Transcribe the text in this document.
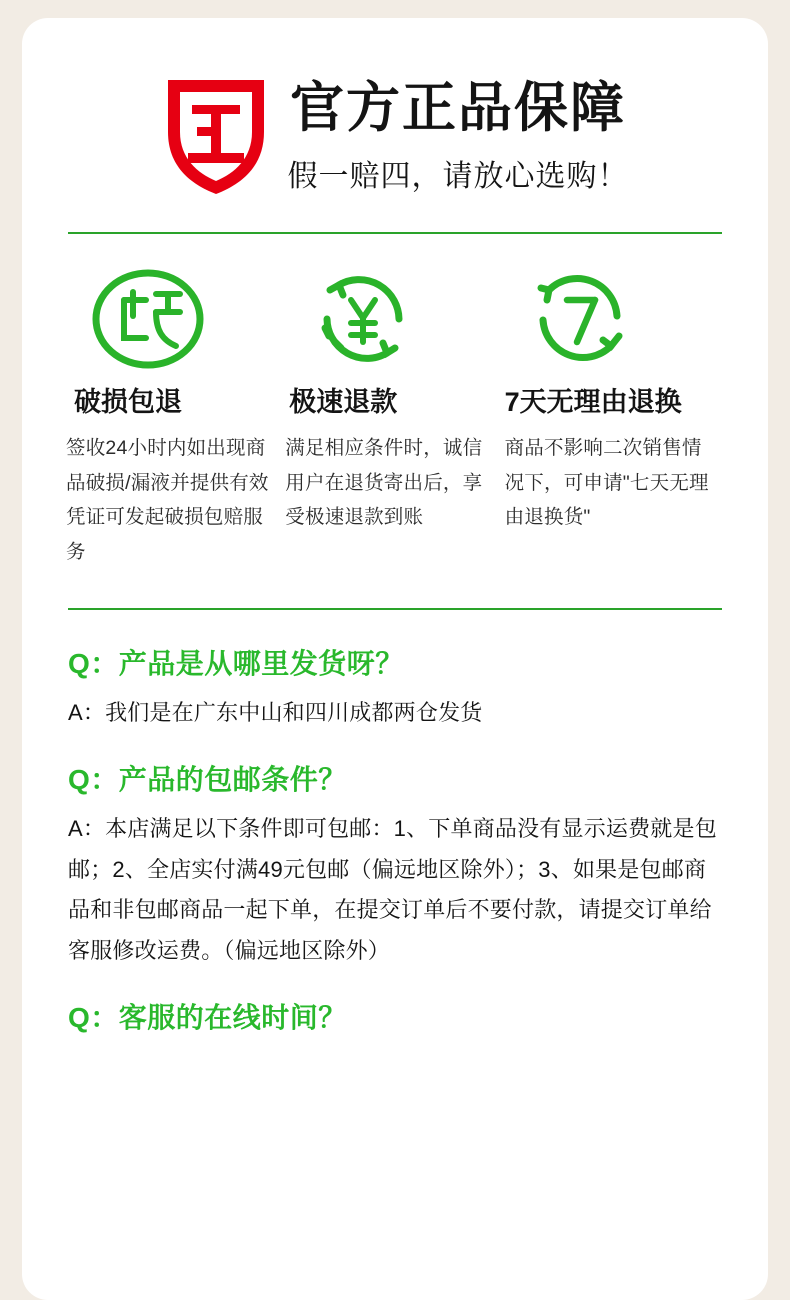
官方正品保障
假一赔四，请放心选购！
破损包退
签收24小时内如出现商品破损/漏液并提供有效凭证可发起破损包赔服务
极速退款
满足相应条件时，诚信用户在退货寄出后，享受极速退款到账
7天无理由退换
商品不影响二次销售情况下，可申请"七天无理由退换货"
Q：产品是从哪里发货呀？
A：我们是在广东中山和四川成都两仓发货
Q：产品的包邮条件？
A：本店满足以下条件即可包邮：1、下单商品没有显示运费就是包邮；2、全店实付满49元包邮（偏远地区除外）；3、如果是包邮商品和非包邮商品一起下单，在提交订单后不要付款，请提交订单给客服修改运费。（偏远地区除外）
Q：客服的在线时间？
